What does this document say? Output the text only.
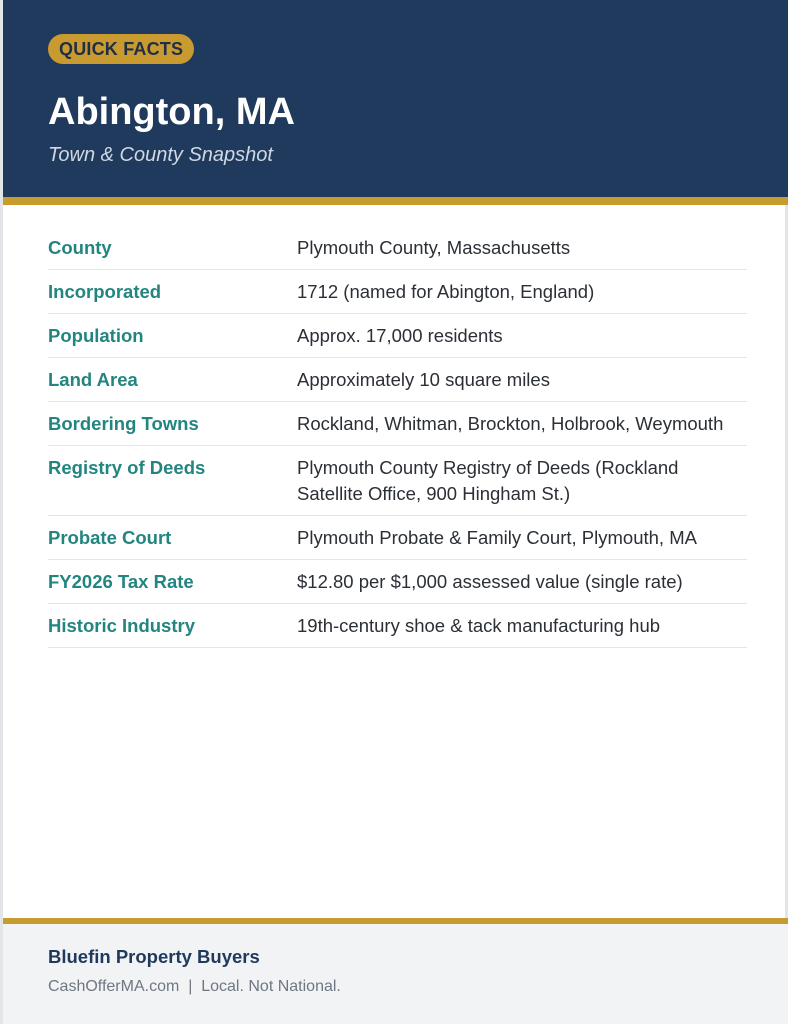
QUICK FACTS
Abington, MA
Town & County Snapshot
County	Plymouth County, Massachusetts
Incorporated	1712 (named for Abington, England)
Population	Approx. 17,000 residents
Land Area	Approximately 10 square miles
Bordering Towns	Rockland, Whitman, Brockton, Holbrook, Weymouth
Registry of Deeds	Plymouth County Registry of Deeds (Rockland Satellite Office, 900 Hingham St.)
Probate Court	Plymouth Probate & Family Court, Plymouth, MA
FY2026 Tax Rate	$12.80 per $1,000 assessed value (single rate)
Historic Industry	19th-century shoe & tack manufacturing hub
Bluefin Property Buyers
CashOfferMA.com | Local. Not National.
